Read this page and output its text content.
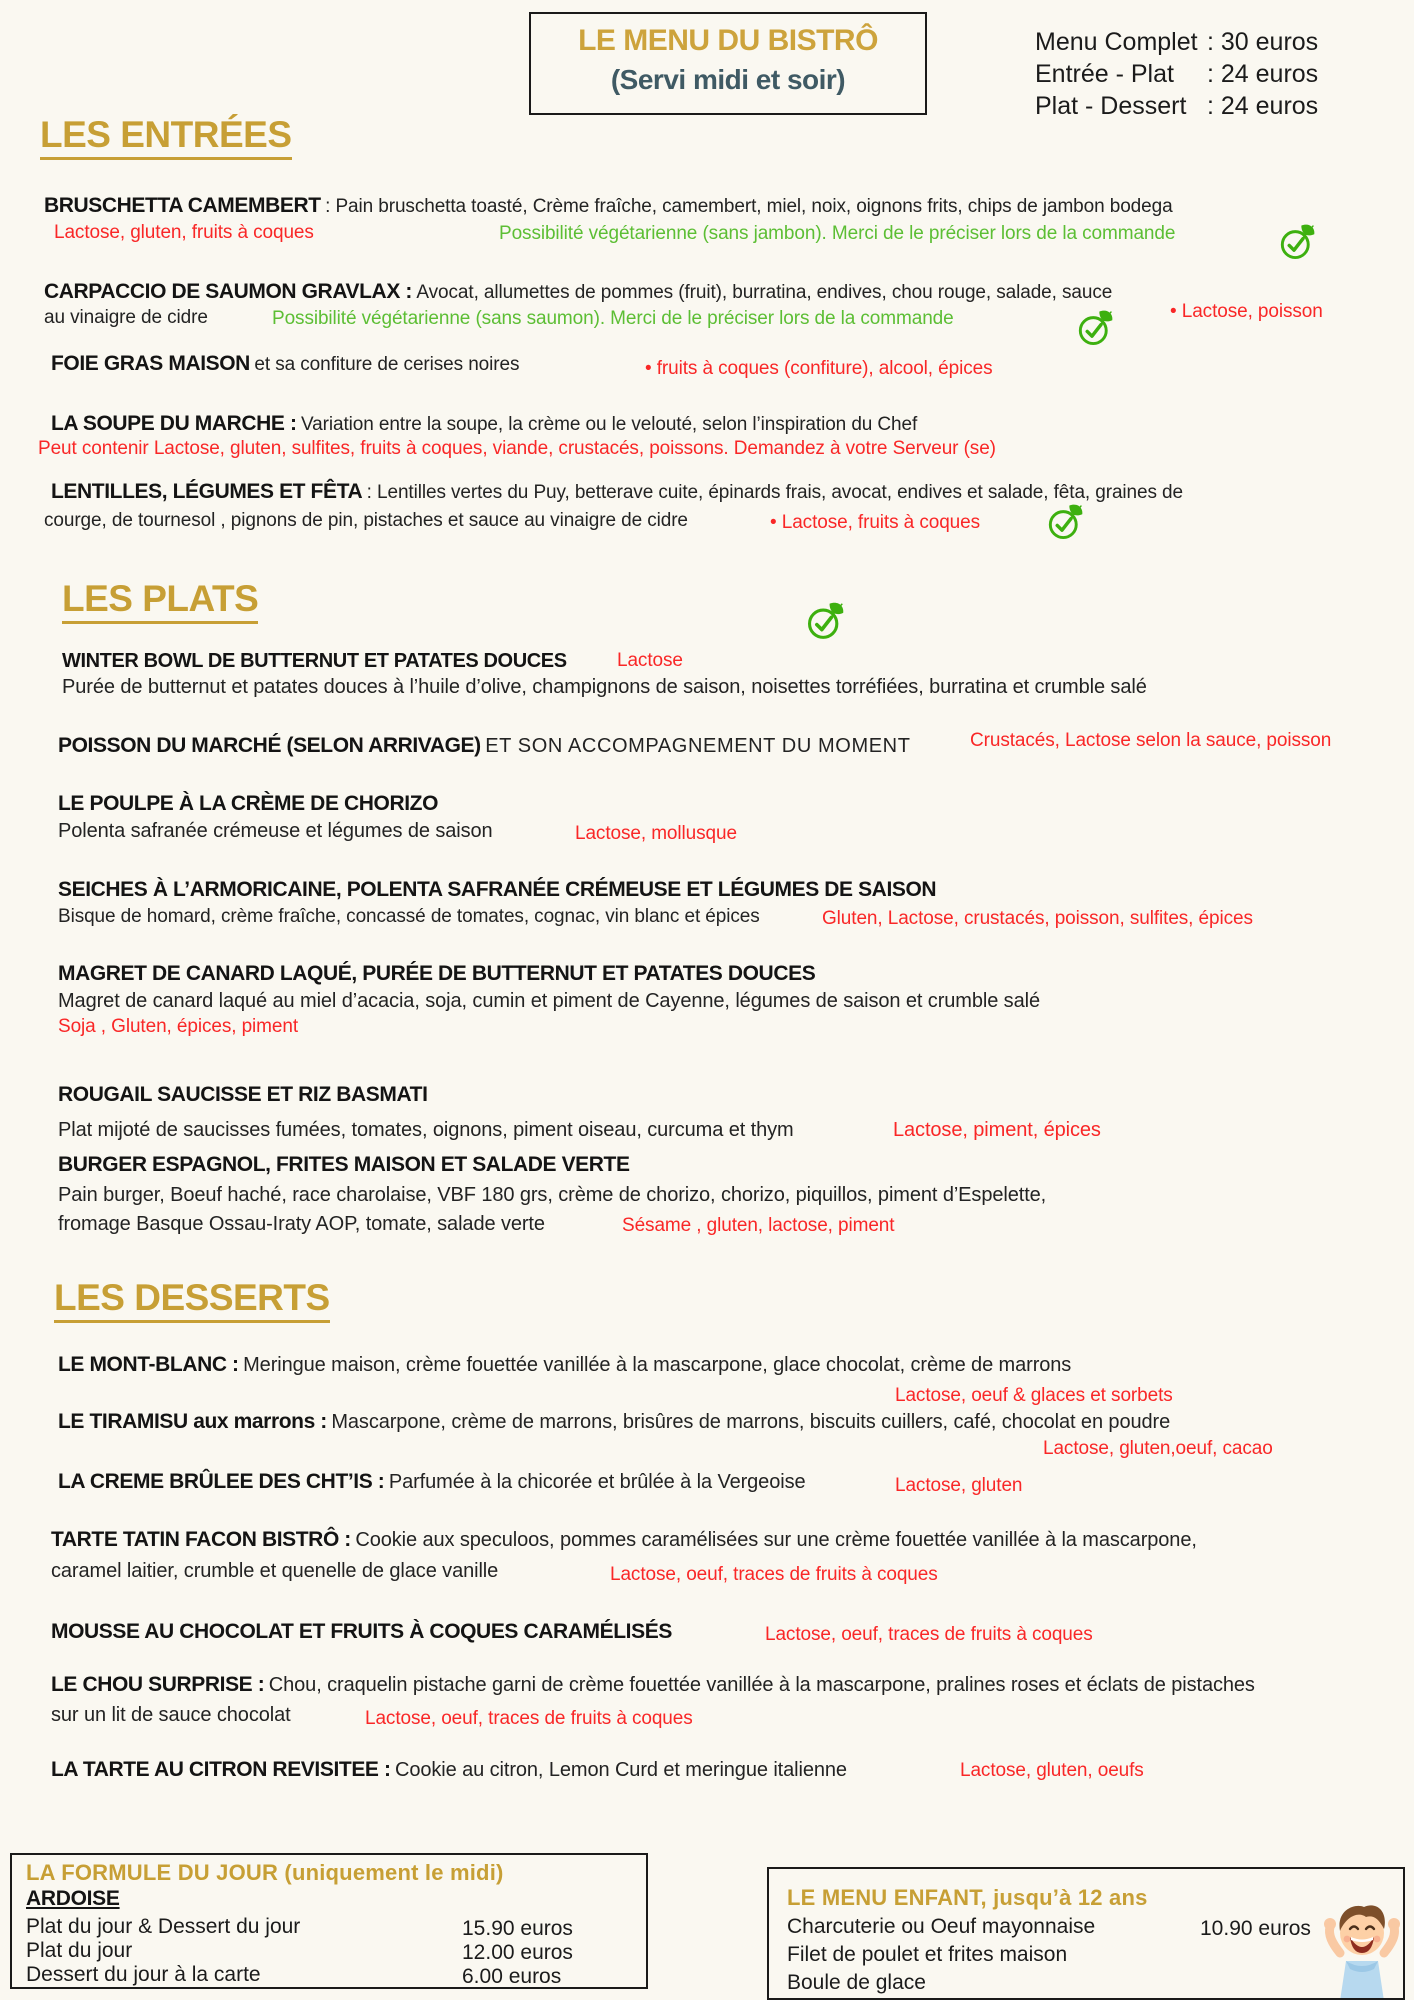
LE MENU DU BISTRÔ
(Servi midi et soir)
Menu Complet : 30 euros
Entrée - Plat : 24 euros
Plat - Dessert : 24 euros
LES ENTRÉES
BRUSCHETTA CAMEMBERT : Pain bruschetta toasté, Crème fraîche, camembert, miel, noix, oignons frits, chips de jambon bodega
Lactose, gluten, fruits à coques	Possibilité végétarienne (sans jambon). Merci de le préciser lors de la commande
CARPACCIO DE SAUMON GRAVLAX : Avocat, allumettes de pommes (fruit), burratina, endives, chou rouge, salade, sauce
au vinaigre de cidre	Possibilité végétarienne (sans saumon). Merci de le préciser lors de la commande	• Lactose, poisson
FOIE GRAS MAISON et sa confiture de cerises noires	• fruits à coques (confiture), alcool, épices
LA SOUPE DU MARCHE : Variation entre la soupe, la crème ou le velouté, selon l’inspiration du Chef
Peut contenir Lactose, gluten, sulfites, fruits à coques, viande, crustacés, poissons. Demandez à votre Serveur (se)
LENTILLES, LÉGUMES ET FÊTA : Lentilles vertes du Puy, betterave cuite, épinards frais, avocat, endives et salade, fêta, graines de
courge, de tournesol , pignons de pin, pistaches et sauce au vinaigre de cidre	• Lactose, fruits à coques
LES PLATS
WINTER BOWL DE BUTTERNUT ET PATATES DOUCES	Lactose
Purée de butternut et patates douces à l’huile d’olive, champignons de saison, noisettes torréfiées, burratina et crumble salé
POISSON DU MARCHÉ (SELON ARRIVAGE) ET SON ACCOMPAGNEMENT DU MOMENT	Crustacés, Lactose selon la sauce, poisson
LE POULPE À LA CRÈME DE CHORIZO
Polenta safranée crémeuse et légumes de saison	Lactose, mollusque
SEICHES À L’ARMORICAINE, POLENTA SAFRANÉE CRÉMEUSE ET LÉGUMES DE SAISON
Bisque de homard, crème fraîche, concassé de tomates, cognac, vin blanc et épices	Gluten, Lactose, crustacés, poisson, sulfites, épices
MAGRET DE CANARD LAQUÉ, PURÉE DE BUTTERNUT ET PATATES DOUCES
Magret de canard laqué au miel d’acacia, soja, cumin et piment de Cayenne, légumes de saison et crumble salé
Soja , Gluten, épices, piment
ROUGAIL SAUCISSE ET RIZ BASMATI
Plat mijoté de saucisses fumées, tomates, oignons, piment oiseau, curcuma et thym	Lactose, piment, épices
BURGER ESPAGNOL, FRITES MAISON ET SALADE VERTE
Pain burger, Boeuf haché, race charolaise, VBF 180 grs, crème de chorizo, chorizo, piquillos, piment d’Espelette,
fromage Basque Ossau-Iraty AOP, tomate, salade verte	Sésame , gluten, lactose, piment
LES DESSERTS
LE MONT-BLANC : Meringue maison, crème fouettée vanillée à la mascarpone, glace chocolat, crème de marrons
Lactose, oeuf & glaces et sorbets
LE TIRAMISU aux marrons : Mascarpone, crème de marrons, brisûres de marrons, biscuits cuillers, café, chocolat en poudre
Lactose, gluten,oeuf, cacao
LA CREME BRÛLEE DES CHT’IS : Parfumée à la chicorée et brûlée à la Vergeoise	Lactose, gluten
TARTE TATIN FACON BISTRÔ : Cookie aux speculoos, pommes caramélisées sur une crème fouettée vanillée à la mascarpone,
caramel laitier, crumble et quenelle de glace vanille	Lactose, oeuf, traces de fruits à coques
MOUSSE AU CHOCOLAT ET FRUITS À COQUES CARAMÉLISÉS	Lactose, oeuf, traces de fruits à coques
LE CHOU SURPRISE : Chou, craquelin pistache garni de crème fouettée vanillée à la mascarpone, pralines roses et éclats de pistaches
sur un lit de sauce chocolat	Lactose, oeuf, traces de fruits à coques
LA TARTE AU CITRON REVISITEE : Cookie au citron, Lemon Curd et meringue italienne	Lactose, gluten, oeufs
LA FORMULE DU JOUR (uniquement le midi)
ARDOISE
Plat du jour & Dessert du jour	15.90 euros
Plat du jour	12.00 euros
Dessert du jour à la carte	6.00 euros
LE MENU ENFANT, jusqu’à 12 ans
Charcuterie ou Oeuf mayonnaise	10.90 euros
Filet de poulet et frites maison
Boule de glace
